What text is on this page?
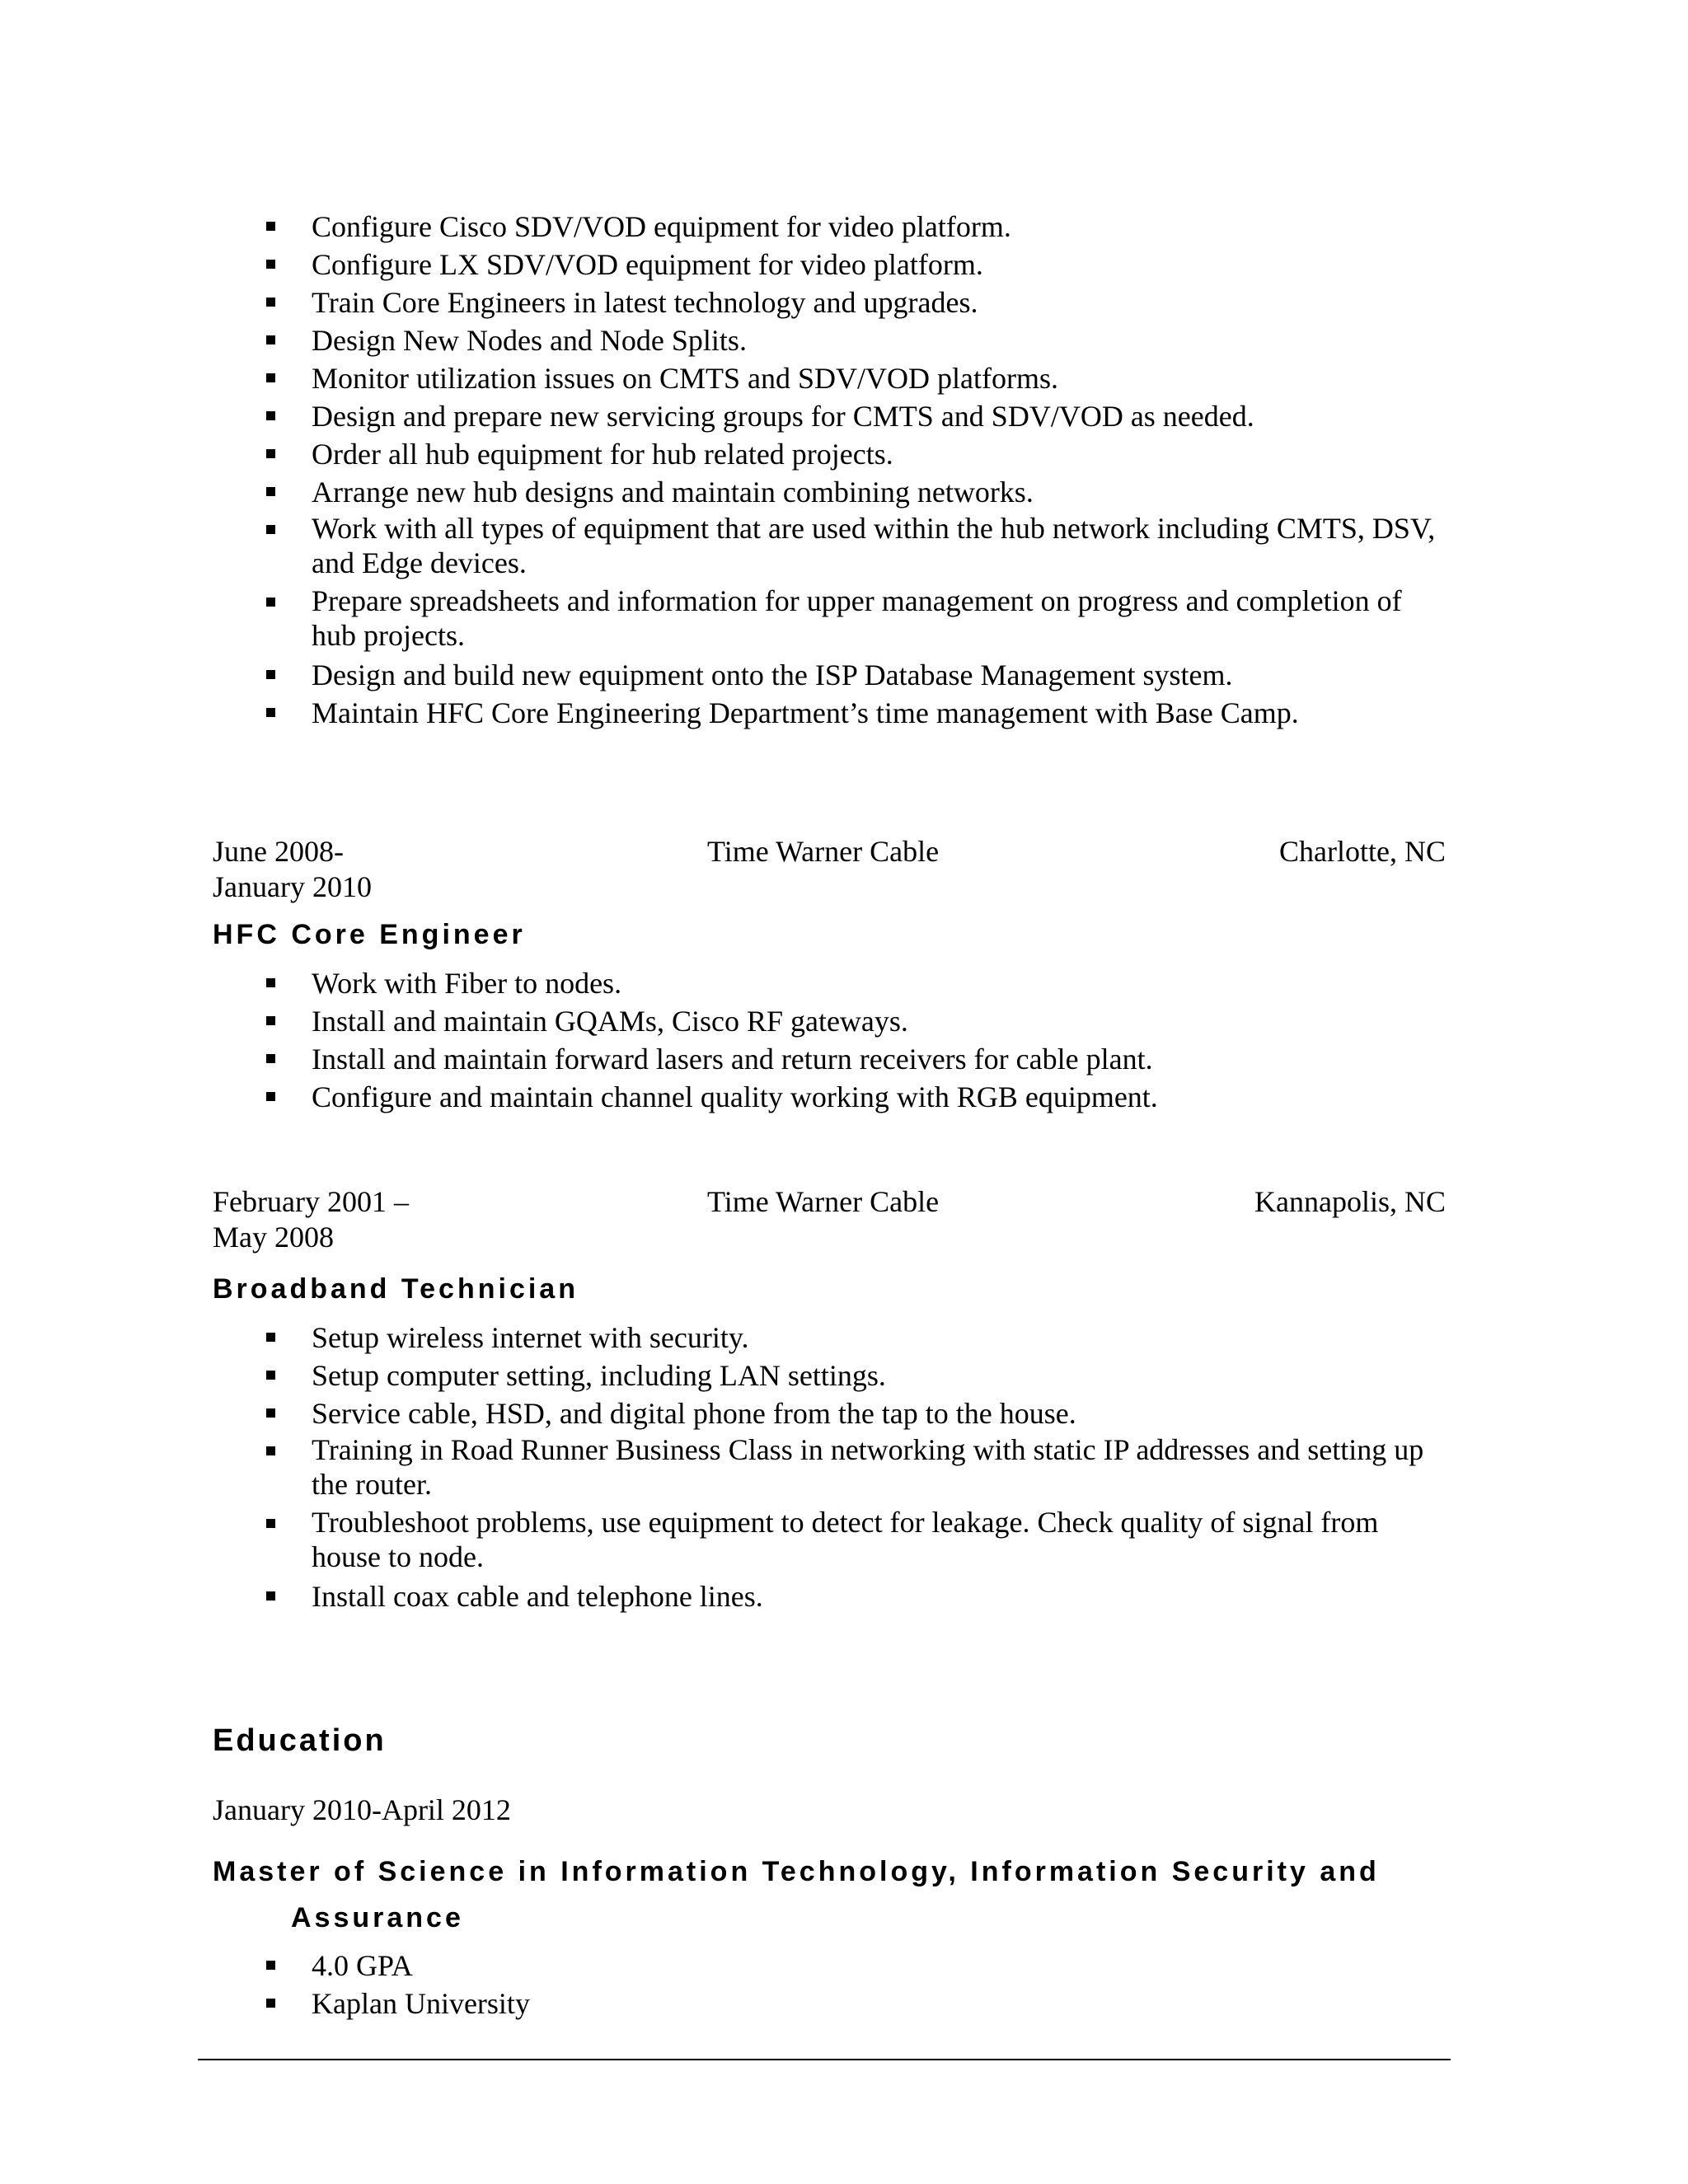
Configure Cisco SDV/VOD equipment for video platform.
Configure LX SDV/VOD equipment for video platform.
Train Core Engineers in latest technology and upgrades.
Design New Nodes and Node Splits.
Monitor utilization issues on CMTS and SDV/VOD platforms.
Design and prepare new servicing groups for CMTS and SDV/VOD as needed.
Order all hub equipment for hub related projects.
Arrange new hub designs and maintain combining networks.
Work with all types of equipment that are used within the hub network including CMTS, DSV, and Edge devices.
Prepare spreadsheets and information for upper management on progress and completion of hub projects.
Design and build new equipment onto the ISP Database Management system.
Maintain HFC Core Engineering Department’s time management with Base Camp.
June 2008-
January 2010
Time Warner Cable	Charlotte, NC
HFC Core Engineer
Work with Fiber to nodes.
Install and maintain GQAMs, Cisco RF gateways.
Install and maintain forward lasers and return receivers for cable plant.
Configure and maintain channel quality working with RGB equipment.
February 2001 –
May 2008
Time Warner Cable	Kannapolis, NC
Broadband Technician
Setup wireless internet with security.
Setup computer setting, including LAN settings.
Service cable, HSD, and digital phone from the tap to the house.
Training in Road Runner Business Class in networking with static IP addresses and setting up the router.
Troubleshoot problems, use equipment to detect for leakage. Check quality of signal from house to node.
Install coax cable and telephone lines.
Education
January 2010-April 2012
Master of Science in Information Technology, Information Security and
Assurance
4.0 GPA
Kaplan University
